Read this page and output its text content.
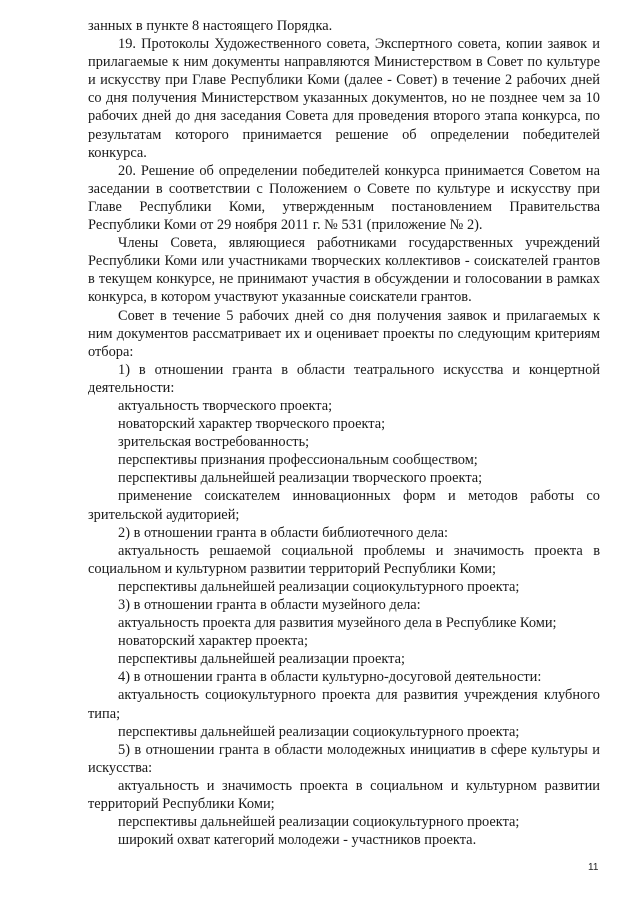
занных в пункте 8 настоящего Порядка.

19. Протоколы Художественного совета, Экспертного совета, копии заявок и прилагаемые к ним документы направляются Министерством в Совет по культуре и искусству при Главе Республики Коми (далее - Совет) в течение 2 рабочих дней со дня получения Министерством указанных документов, но не позднее чем за 10 рабочих дней до дня заседания Совета для проведения второго этапа конкурса, по результатам которого принимается решение об определении победителей конкурса.

20. Решение об определении победителей конкурса принимается Советом на заседании в соответствии с Положением о Совете по культуре и искусству при Главе Республики Коми, утвержденным постановлением Правительства Республики Коми от 29 ноября 2011 г. № 531 (приложение № 2).

Члены Совета, являющиеся работниками государственных учреждений Республики Коми или участниками творческих коллективов - соискателей грантов в текущем конкурсе, не принимают участия в обсуждении и голосовании в рамках конкурса, в котором участвуют указанные соискатели грантов.

Совет в течение 5 рабочих дней со дня получения заявок и прилагаемых к ним документов рассматривает их и оценивает проекты по следующим критериям отбора:

1) в отношении гранта в области театрального искусства и концертной деятельности:

актуальность творческого проекта;

новаторский характер творческого проекта;

зрительская востребованность;

перспективы признания профессиональным сообществом;

перспективы дальнейшей реализации творческого проекта;

применение соискателем инновационных форм и методов работы со зрительской аудиторией;

2) в отношении гранта в области библиотечного дела:

актуальность решаемой социальной проблемы и значимость проекта в социальном и культурном развитии территорий Республики Коми;

перспективы дальнейшей реализации социокультурного проекта;

3) в отношении гранта в области музейного дела:

актуальность проекта для развития музейного дела в Республике Коми;

новаторский характер проекта;

перспективы дальнейшей реализации проекта;

4) в отношении гранта в области культурно-досуговой деятельности:

актуальность социокультурного проекта для развития учреждения клубного типа;

перспективы дальнейшей реализации социокультурного проекта;

5) в отношении гранта в области молодежных инициатив в сфере культуры и искусства:

актуальность и значимость проекта в социальном и культурном развитии территорий Республики Коми;

перспективы дальнейшей реализации социокультурного проекта;

широкий охват категорий молодежи - участников проекта.

11
